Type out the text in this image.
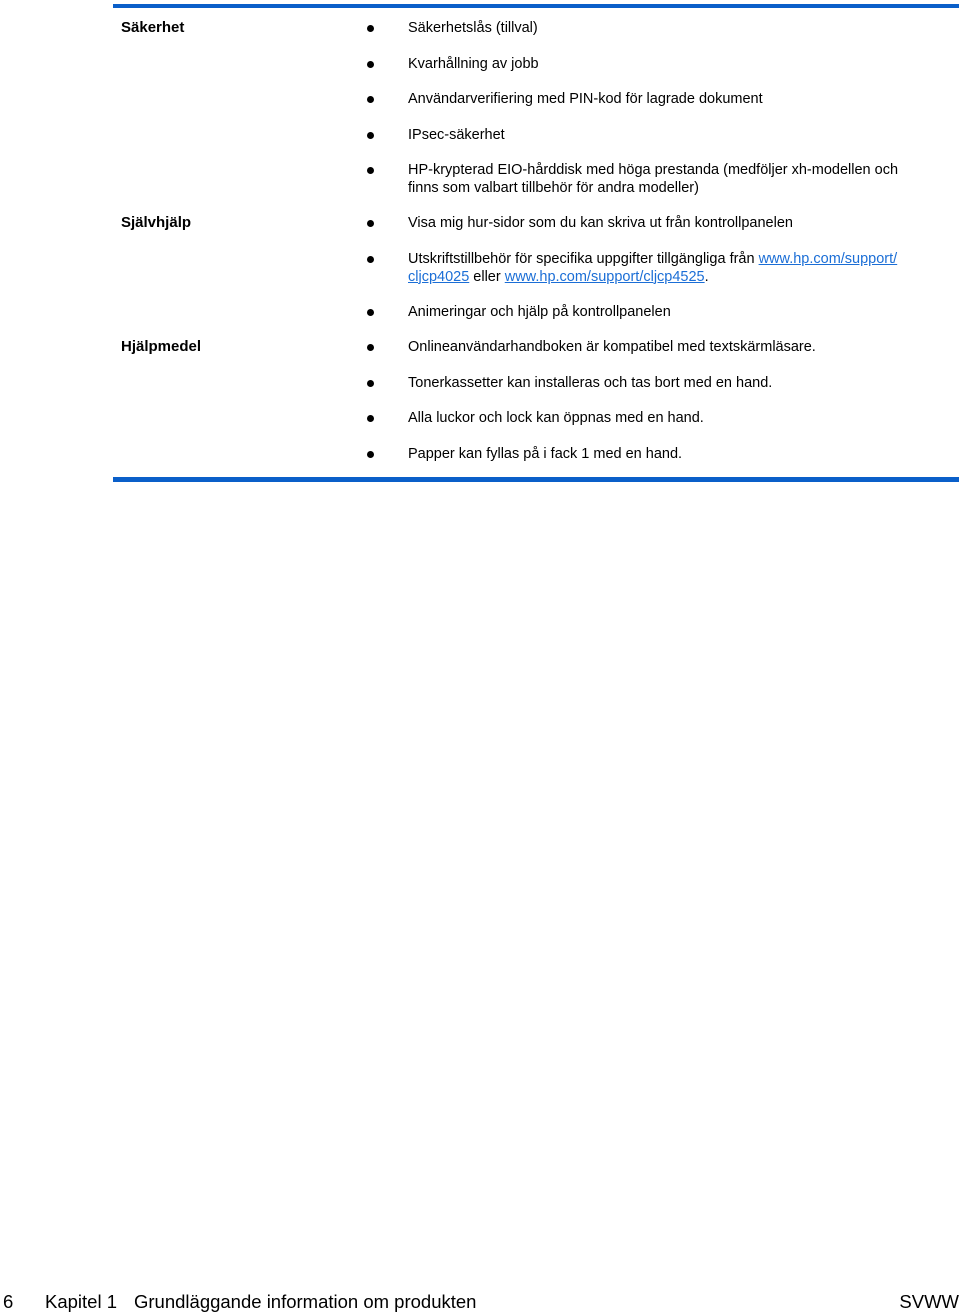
Säkerhet	Säkerhetslås (tillval)
Kvarhållning av jobb
Användarverifiering med PIN-kod för lagrade dokument
IPsec-säkerhet
HP-krypterad EIO-hårddisk med höga prestanda (medföljer xh-modellen och finns som valbart tillbehör för andra modeller)
Självhjälp	Visa mig hur-sidor som du kan skriva ut från kontrollpanelen
Utskriftstillbehör för specifika uppgifter tillgängliga från www.hp.com/support/ cljcp4025 eller www.hp.com/support/cljcp4525.
Animeringar och hjälp på kontrollpanelen
Hjälpmedel	Onlineanvändarhandboken är kompatibel med textskärmläsare.
Tonerkassetter kan installeras och tas bort med en hand.
Alla luckor och lock kan öppnas med en hand.
Papper kan fyllas på i fack 1 med en hand.
6 Kapitel 1 Grundläggande information om produkten	SVWW
